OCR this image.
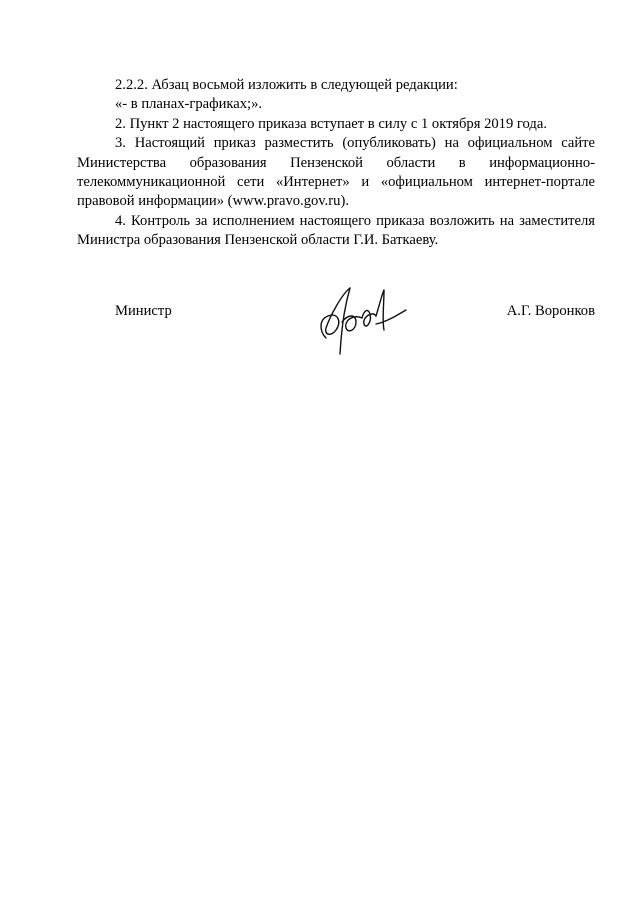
2.2.2. Абзац восьмой изложить в следующей редакции:

«- в планах-графиках;».

2. Пункт 2 настоящего приказа вступает в силу с 1 октября 2019 года.

3. Настоящий приказ разместить (опубликовать) на официальном сайте Министерства образования Пензенской области в информационно-телекоммуникационной сети «Интернет» и «официальном интернет-портале правовой информации» (www.pravo.gov.ru).

4. Контроль за исполнением настоящего приказа возложить на заместителя Министра образования Пензенской области Г.И. Баткаеву.

Министр	А.Г. Воронков
